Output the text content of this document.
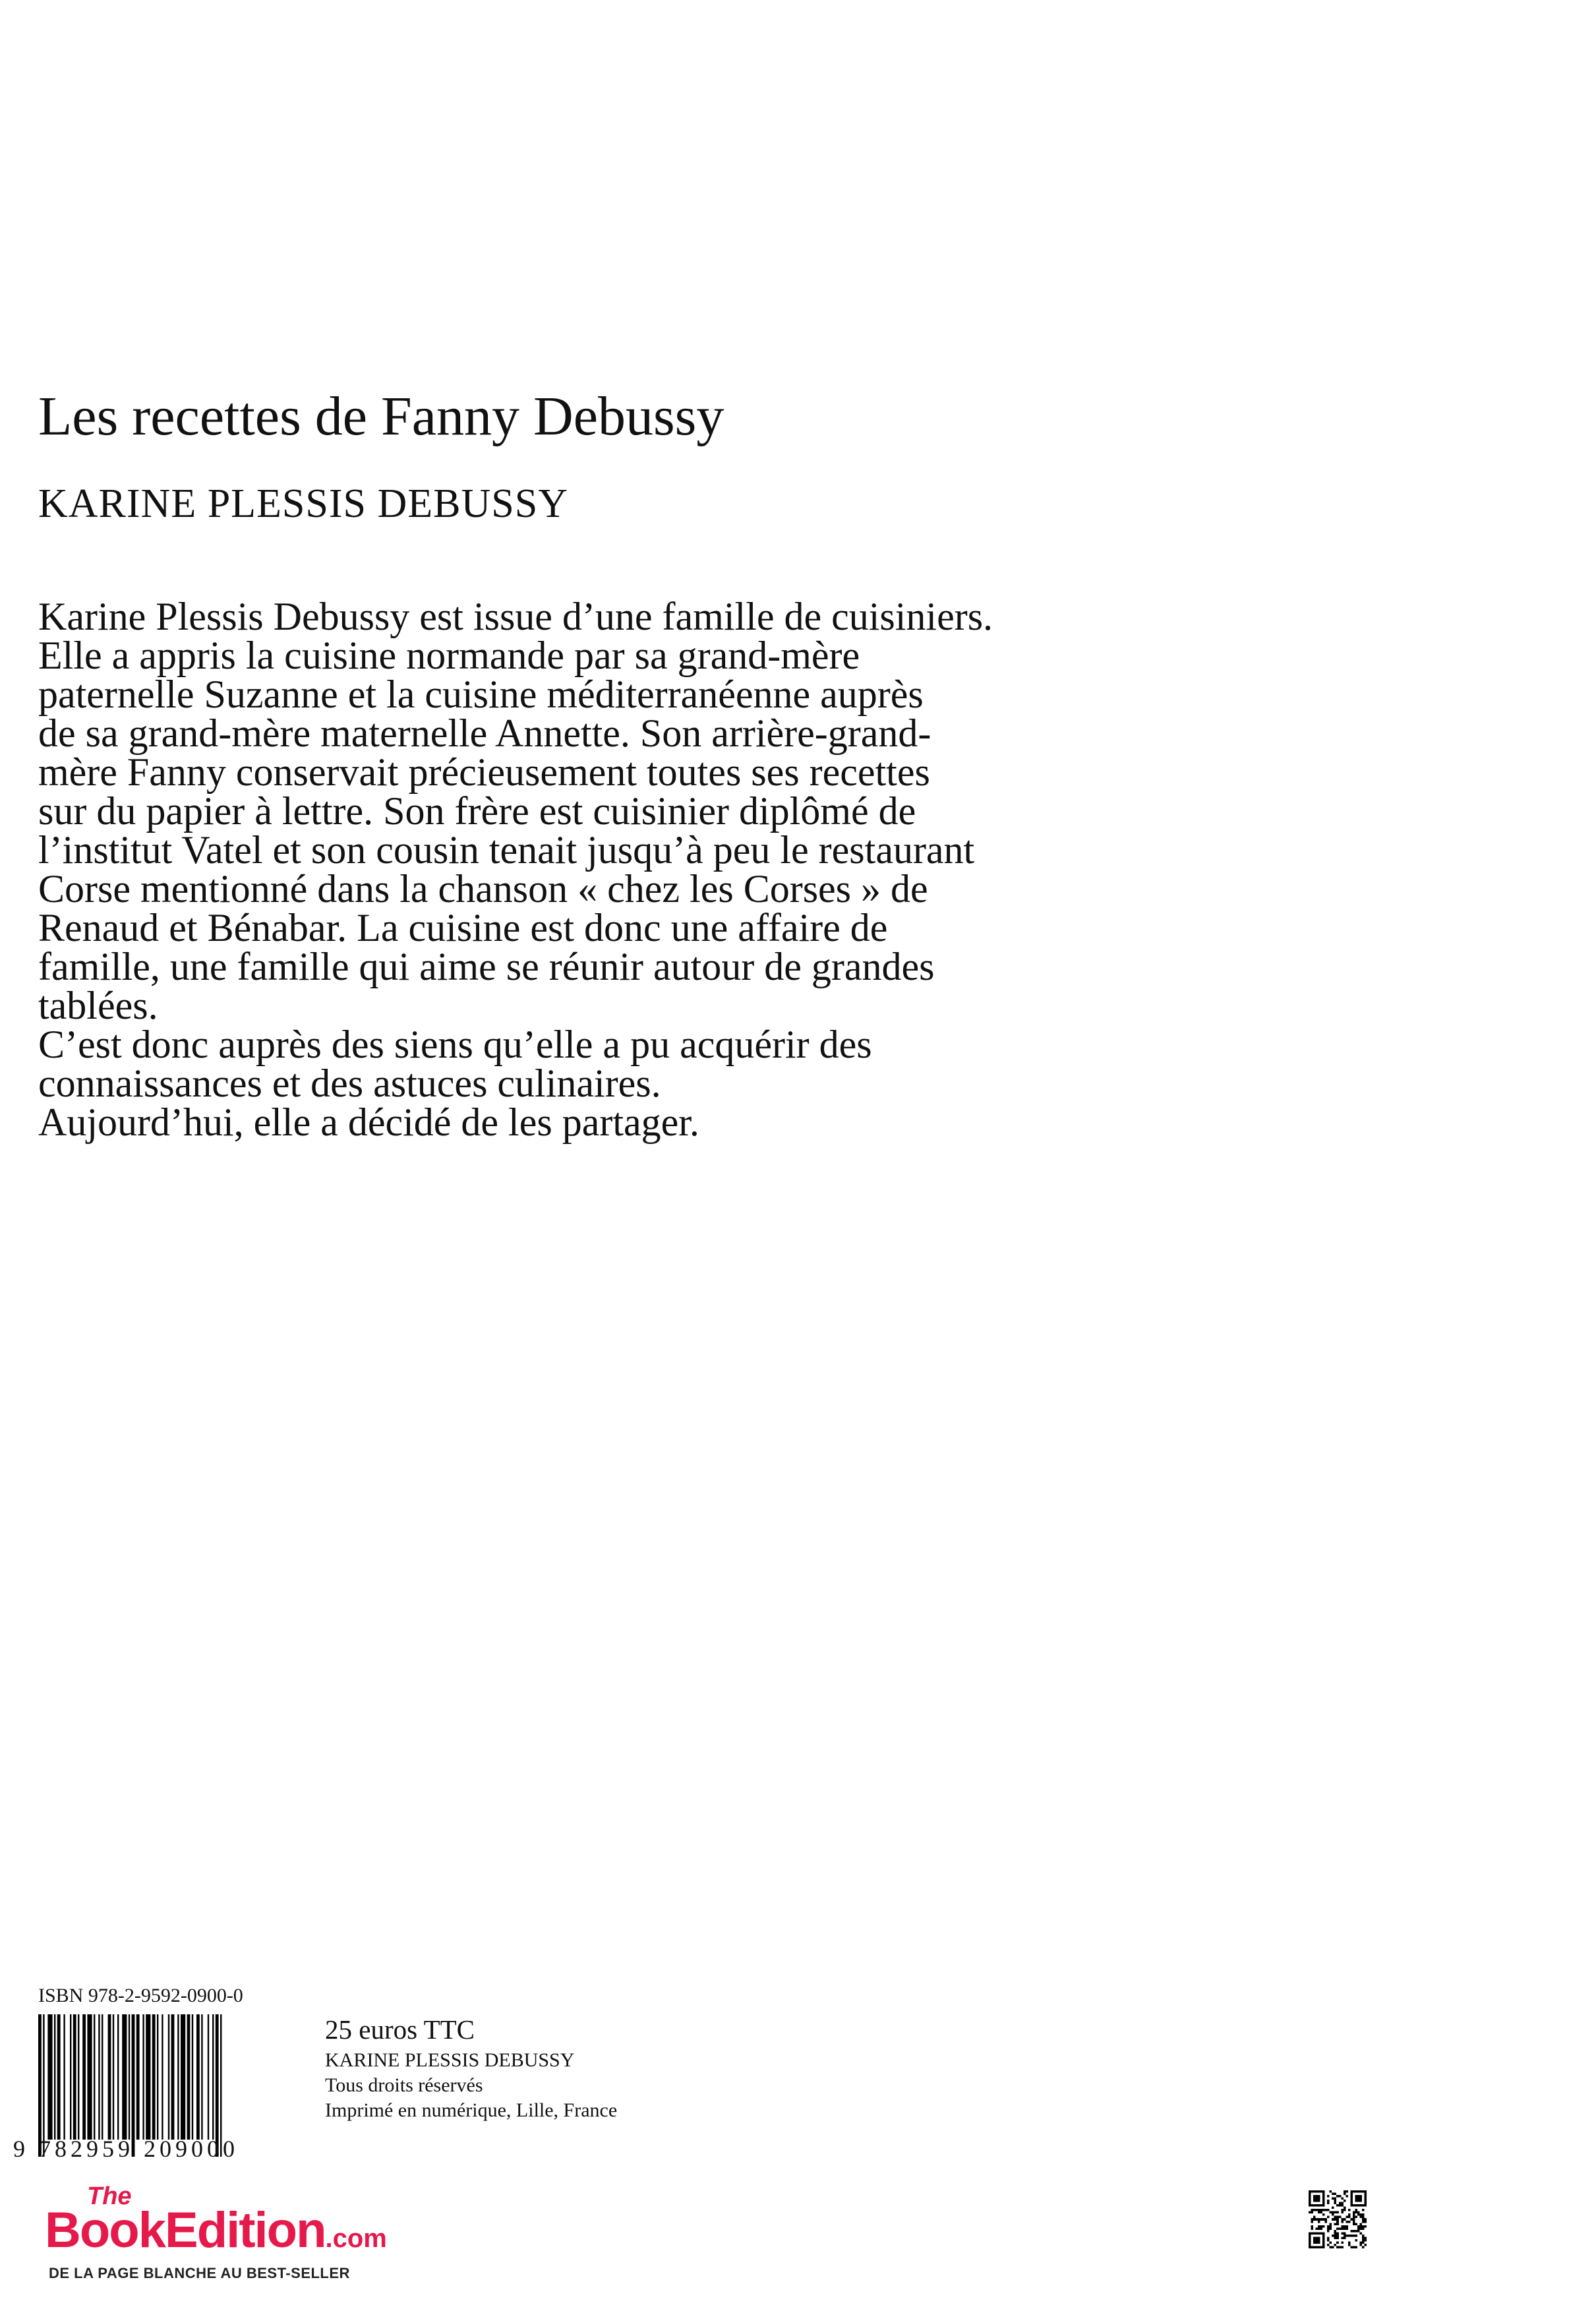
Les recettes de Fanny Debussy
KARINE PLESSIS DEBUSSY
Karine Plessis Debussy est issue d’une famille de cuisiniers.
Elle a appris la cuisine normande par sa grand-mère
paternelle Suzanne et la cuisine méditerranéenne auprès
de sa grand-mère maternelle Annette. Son arrière-grand-
mère Fanny conservait précieusement toutes ses recettes
sur du papier à lettre. Son frère est cuisinier diplômé de
l’institut Vatel et son cousin tenait jusqu’à peu le restaurant
Corse mentionné dans la chanson « chez les Corses » de
Renaud et Bénabar. La cuisine est donc une affaire de
famille, une famille qui aime se réunir autour de grandes
tablées.
C’est donc auprès des siens qu’elle a pu acquérir des
connaissances et des astuces culinaires.
Aujourd’hui, elle a décidé de les partager.
ISBN 978-2-9592-0900-0
9 782959 209000
25 euros TTC
KARINE PLESSIS DEBUSSY
Tous droits réservés
Imprimé en numérique, Lille, France
The
BookEdition.com
DE LA PAGE BLANCHE AU BEST-SELLER
